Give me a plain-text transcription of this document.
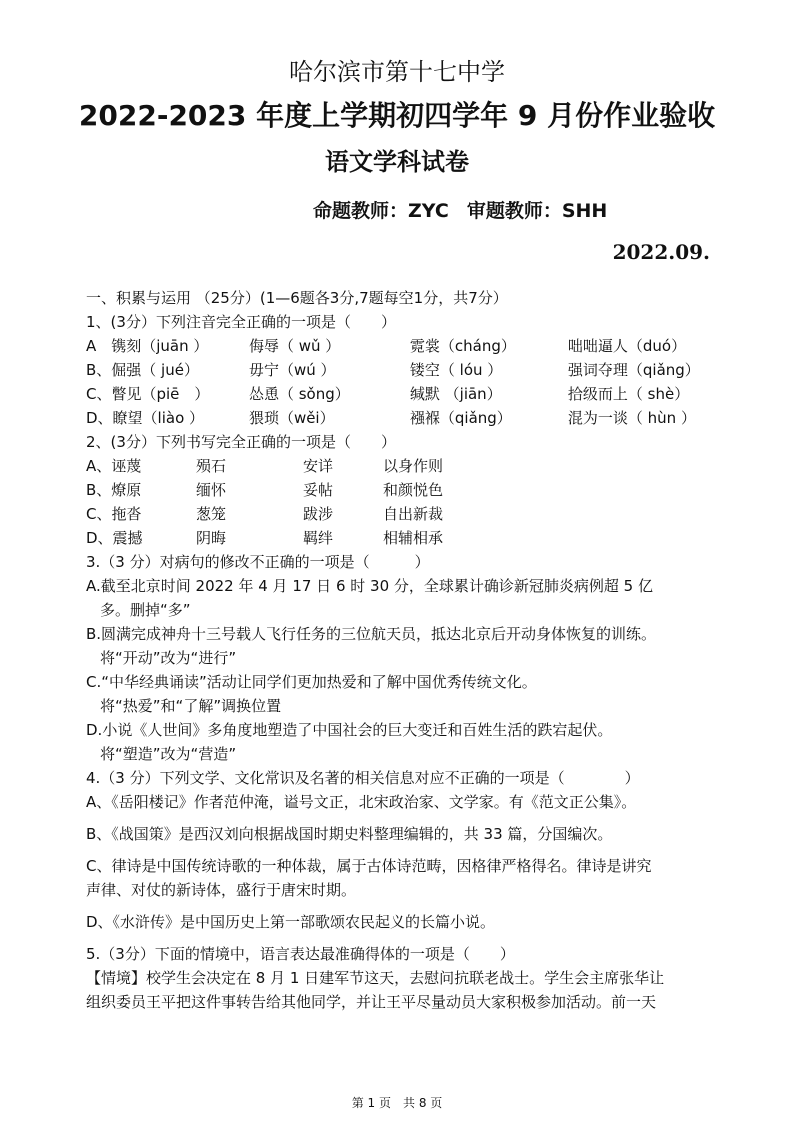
哈尔滨市第十七中学
2022-2023 年度上学期初四学年 9 月份作业验收
语文学科试卷
命题教师：ZYC 审题教师：SHH
2022.09.
一、积累与运用 （25分）(1—6题各3分,7题每空1分，共7分）
1、(3分）下列注音完全正确的一项是（　　）
A　镌刻（juān ）	侮辱（ wǔ ）	霓裳（cháng）	咄咄逼人（duó）
B、倔强（ jué）	毋宁（wú ）	镂空（ lóu ）	强词夺理（qiǎng）
C、瞥见（piē　）	怂恿（ sǒng）	缄默 （jiān）	拾级而上（ shè）
D、瞭望（liào ）	猥琐（wěi）	襁褓（qiǎng）	混为一谈（ hùn ）
2、(3分）下列书写完全正确的一项是（　　）
A、诬蔑	殒石	安详	以身作则
B、燎原	缅怀	妥帖	和颜悦色
C、拖沓	葱笼	跋涉	自出新裁
D、震撼	阴晦	羁绊	相辅相承
3.（3 分）对病句的修改不正确的一项是（　　　）
A.截至北京时间 2022 年 4 月 17 日 6 时 30 分，全球累计确诊新冠肺炎病例超 5 亿
多。删掉“多”
B.圆满完成神舟十三号载人飞行任务的三位航天员，抵达北京后开动身体恢复的训练。
将“开动”改为“进行”
C.“中华经典诵读”活动让同学们更加热爱和了解中国优秀传统文化。
将“热爱”和“了解”调换位置
D.小说《人世间》多角度地塑造了中国社会的巨大变迁和百姓生活的跌宕起伏。
将“塑造”改为“营造”
4.（3 分）下列文学、文化常识及名著的相关信息对应不正确的一项是（　　　　）
A、《岳阳楼记》作者范仲淹，谥号文正，北宋政治家、文学家。有《范文正公集》。
B、《战国策》是西汉刘向根据战国时期史料整理编辑的，共 33 篇，分国编次。
C、律诗是中国传统诗歌的一种体裁，属于古体诗范畴，因格律严格得名。律诗是讲究
声律、对仗的新诗体，盛行于唐宋时期。
D、《水浒传》是中国历史上第一部歌颂农民起义的长篇小说。
5.（3分）下面的情境中，语言表达最准确得体的一项是（　　）
【情境】校学生会决定在 8 月 1 日建军节这天，去慰问抗联老战士。学生会主席张华让
组织委员王平把这件事转告给其他同学，并让王平尽量动员大家积极参加活动。前一天
第 1 页　共 8 页
